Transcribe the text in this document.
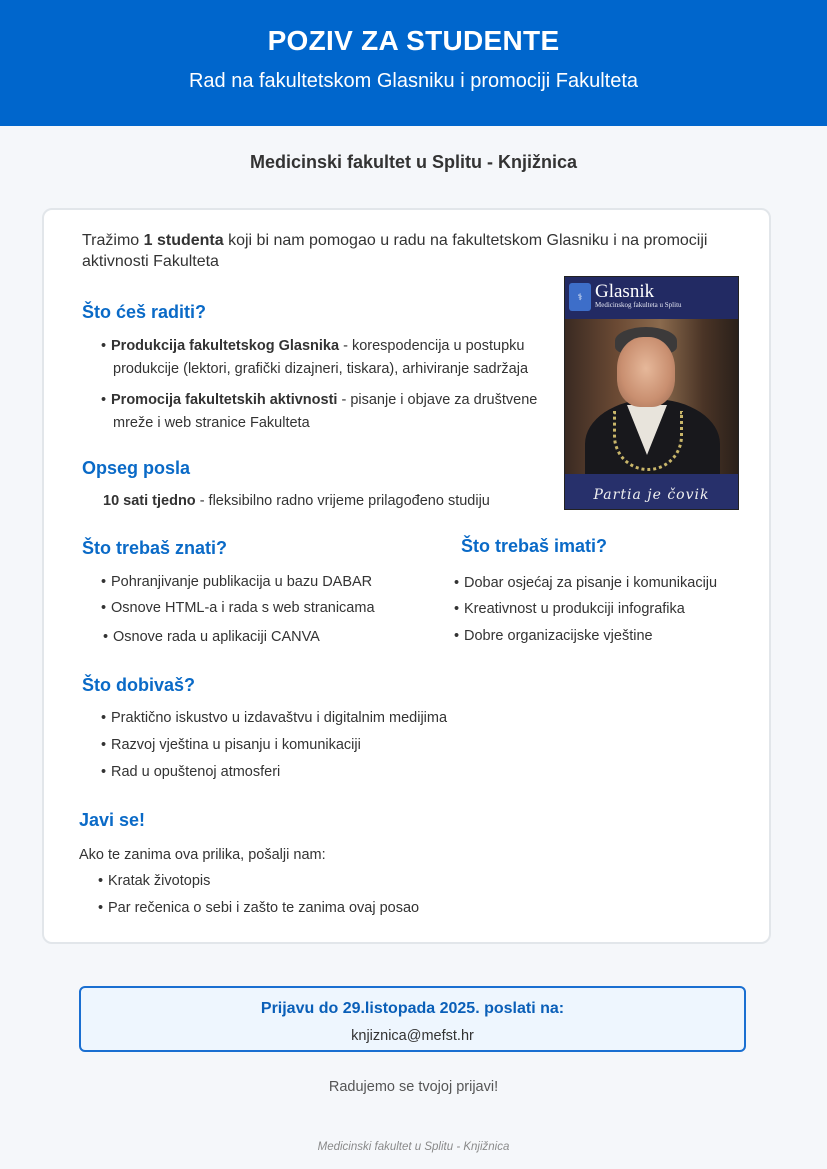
POZIV ZA STUDENTE
Rad na fakultetskom Glasniku i promociji Fakulteta
Medicinski fakultet u Splitu - Knjižnica
Tražimo 1 studenta koji bi nam pomogao u radu na fakultetskom Glasniku i na promociji aktivnosti Fakulteta
Što ćeš raditi?
• Produkcija fakultetskog Glasnika - korespodencija u postupku
produkcije (lektori, grafički dizajneri, tiskara), arhiviranje sadržaja
• Promocija fakultetskih aktivnosti - pisanje i objave za društvene
mreže i web stranice Fakulteta
Opseg posla
10 sati tjedno - fleksibilno radno vrijeme prilagođeno studiju
⚕ Glasnik
Medicinskog fakulteta u Splitu
Partia je čovik
Što trebaš znati?
• Pohranjivanje publikacija u bazu DABAR
• Osnove HTML-a i rada s web stranicama
• Osnove rada u aplikaciji CANVA
Što trebaš imati?
• Dobar osjećaj za pisanje i komunikaciju
• Kreativnost u produkciji infografika
• Dobre organizacijske vještine
Što dobivaš?
• Praktično iskustvo u izdavaštvu i digitalnim medijima
• Razvoj vještina u pisanju i komunikaciji
• Rad u opuštenoj atmosferi
Javi se!
Ako te zanima ova prilika, pošalji nam:
• Kratak životopis
• Par rečenica o sebi i zašto te zanima ovaj posao
Prijavu do 29.listopada 2025. poslati na:
knjiznica@mefst.hr
Radujemo se tvojoj prijavi!
Medicinski fakultet u Splitu - Knjižnica
